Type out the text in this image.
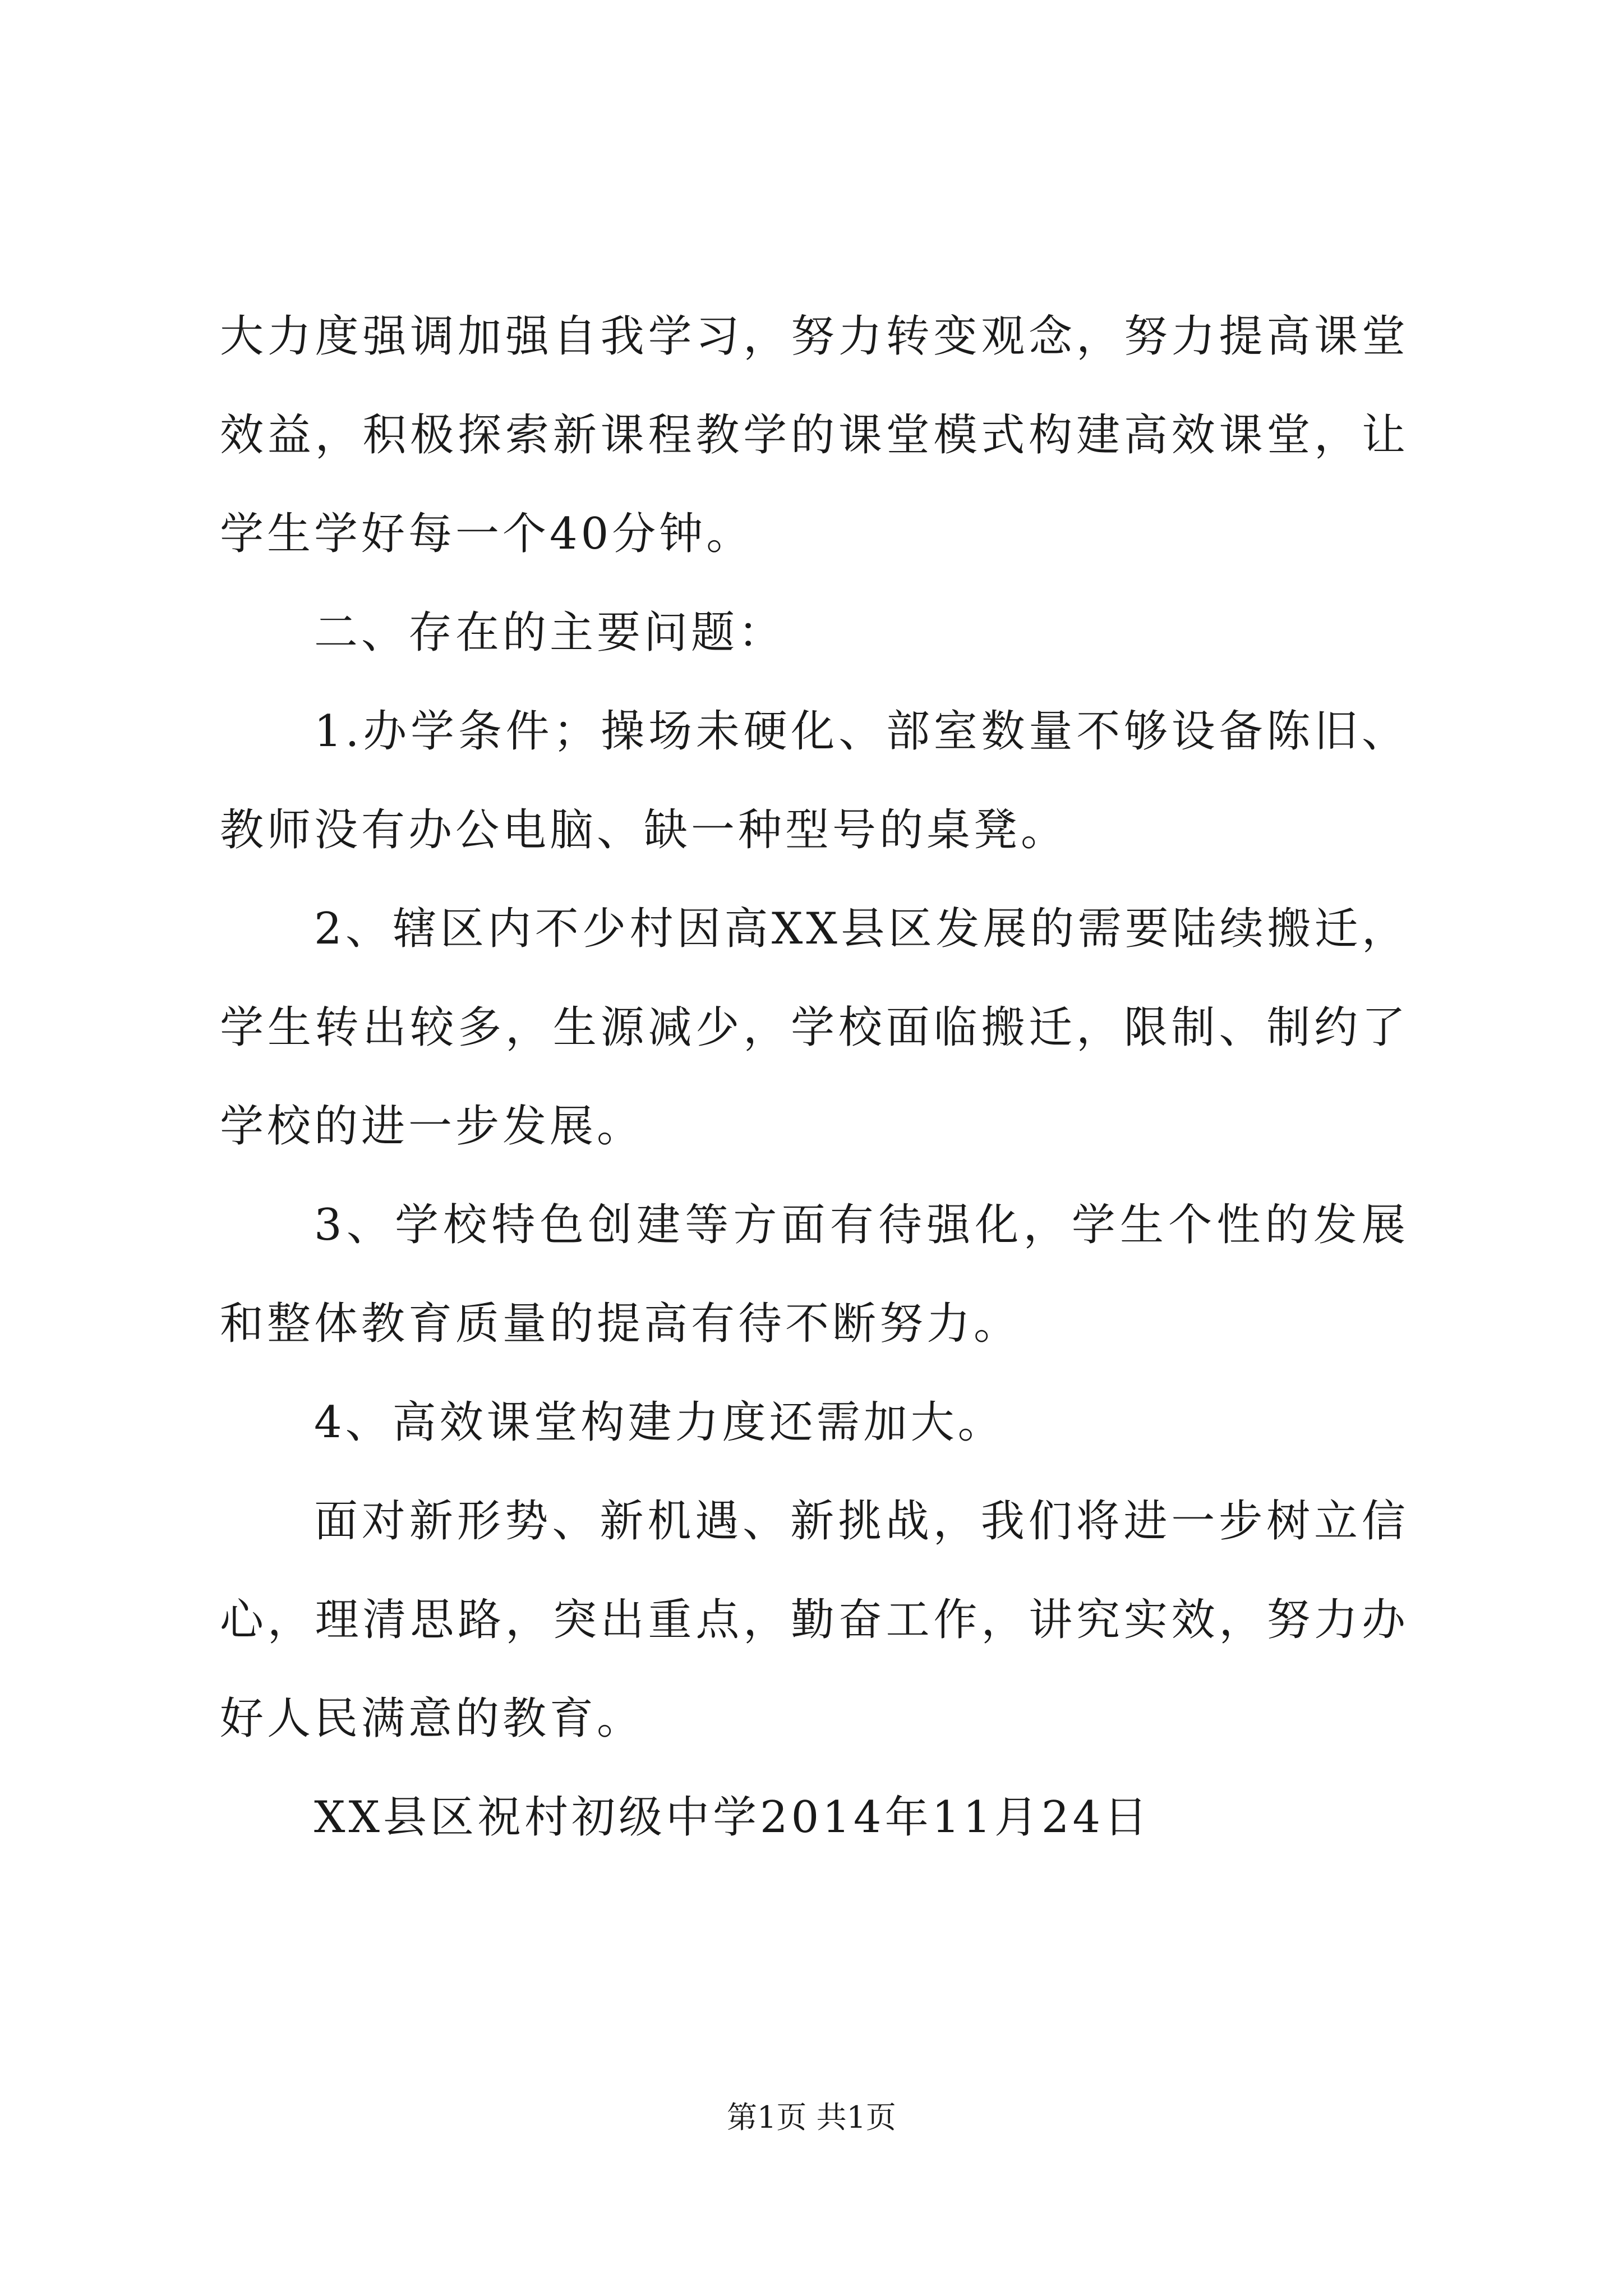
大力度强调加强自我学习，努力转变观念，努力提高课堂效益，积极探索新课程教学的课堂模式构建高效课堂，让学生学好每一个40分钟。

二、存在的主要问题：

1.办学条件；操场未硬化、部室数量不够设备陈旧、教师没有办公电脑、缺一种型号的桌凳。

2、辖区内不少村因高XX县区发展的需要陆续搬迁，学生转出较多，生源减少，学校面临搬迁，限制、制约了学校的进一步发展。

3、学校特色创建等方面有待强化，学生个性的发展和整体教育质量的提高有待不断努力。

4、高效课堂构建力度还需加大。

面对新形势、新机遇、新挑战，我们将进一步树立信心，理清思路，突出重点，勤奋工作，讲究实效，努力办好人民满意的教育。

XX县区祝村初级中学2014年11月24日

第1页 共1页
